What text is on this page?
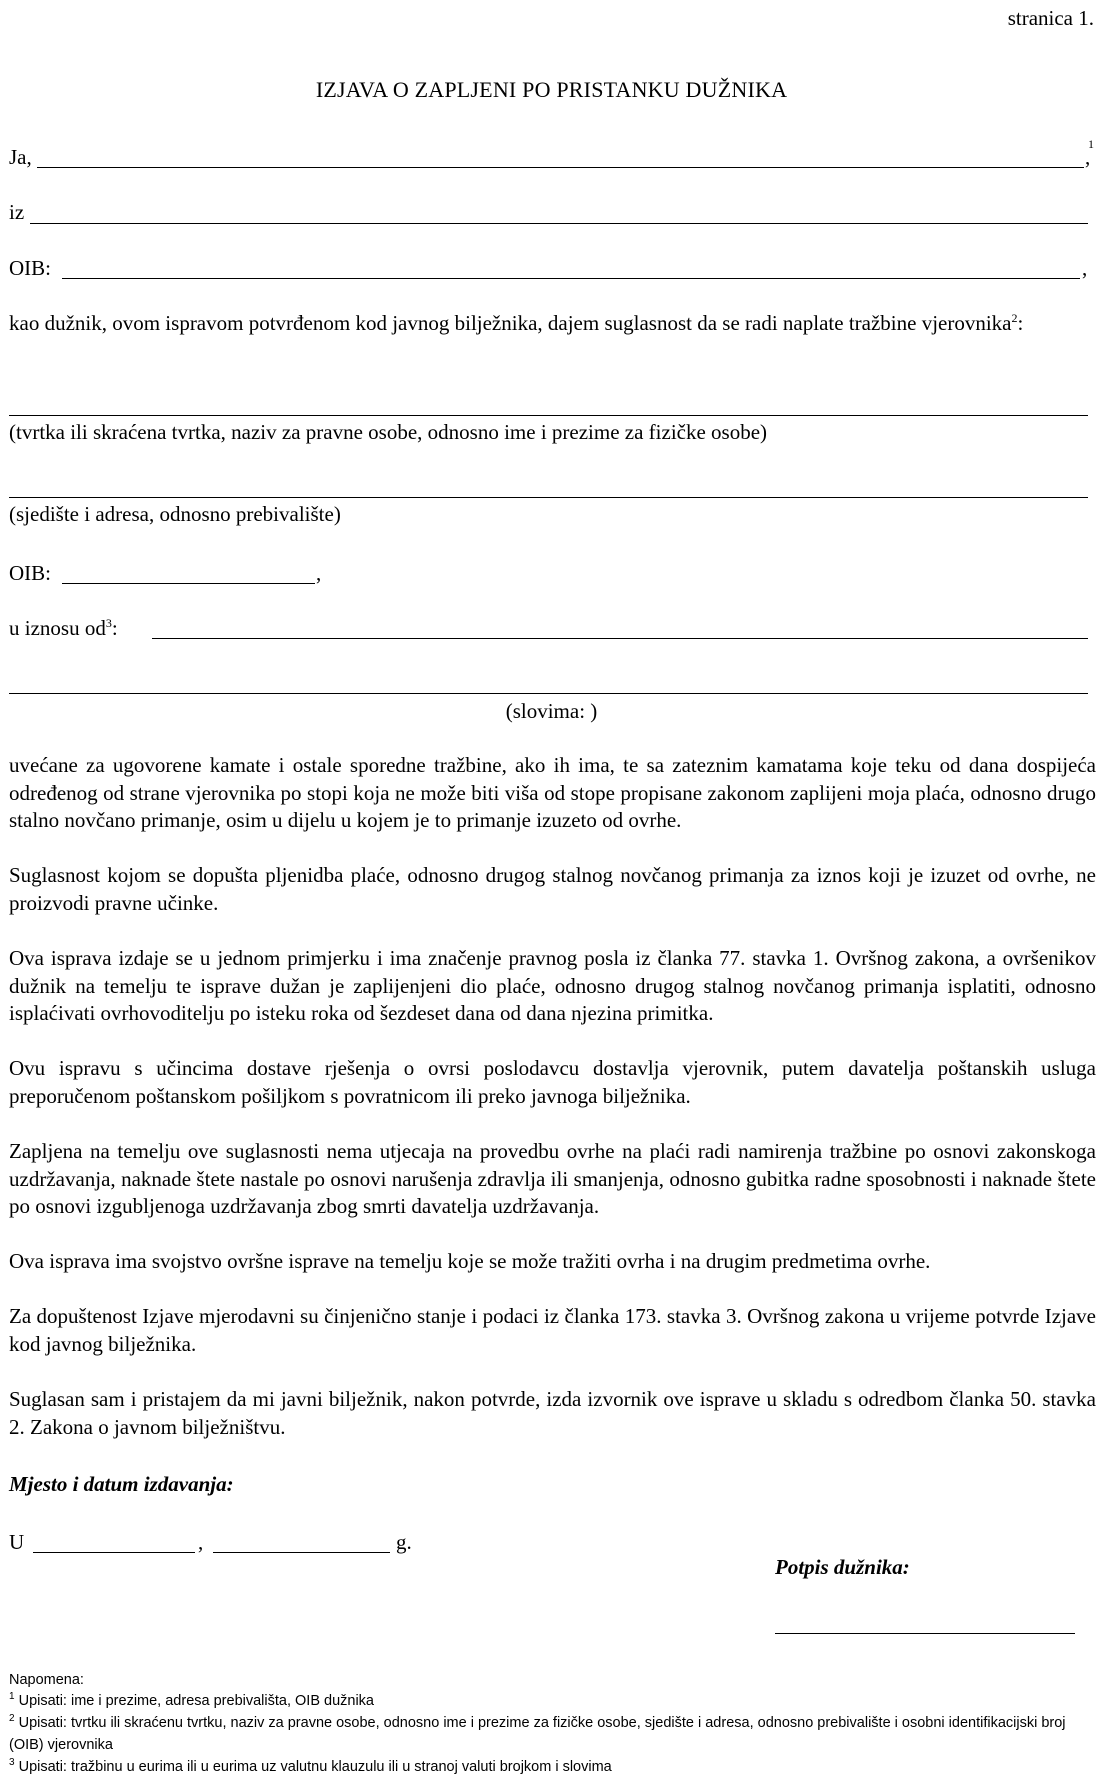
stranica 1.
IZJAVA O ZAPLJENI PO PRISTANKU DUŽNIKA
Ja,	,
1
iz
OIB:	,
kao dužnik, ovom ispravom potvrđenom kod javnog bilježnika, dajem suglasnost da se radi naplate tražbine vjerovnika$^2$:
(tvrtka ili skraćena tvrtka, naziv za pravne osobe, odnosno ime i prezime za fizičke osobe)
(sjedište i adresa, odnosno prebivalište)
OIB:	,
u iznosu $od^3$:
(slovima: )
uvećane za ugovorene kamate i ostale sporedne tražbine, ako ih ima, te sa zateznim kamatama koje teku od dana dospijeća određenog od strane vjerovnika po stopi koja ne može biti viša od stope propisane zakonom zaplijeni moja plaća, odnosno drugo stalno novčano primanje, osim u dijelu u kojem je to primanje izuzeto od ovrhe.
Suglasnost kojom se dopušta pljenidba plaće, odnosno drugog stalnog novčanog primanja za iznos koji je izuzet od ovrhe, ne proizvodi pravne učinke.
Ova isprava izdaje se u jednom primjerku i ima značenje pravnog posla iz članka 77. stavka 1. Ovršnog zakona, a ovršenikov dužnik na temelju te isprave dužan je zaplijenjeni dio plaće, odnosno drugog stalnog novčanog primanja isplatiti, odnosno isplaćivati ovrhovoditelju po isteku roka od šezdeset dana od dana njezina primitka.
Ovu ispravu s učincima dostave rješenja o ovrsi poslodavcu dostavlja vjerovnik, putem davatelja poštanskih usluga preporučenom poštanskom pošiljkom s povratnicom ili preko javnoga bilježnika.
Zapljena na temelju ove suglasnosti nema utjecaja na provedbu ovrhe na plaći radi namirenja tražbine po osnovi zakonskoga uzdržavanja, naknade štete nastale po osnovi narušenja zdravlja ili smanjenja, odnosno gubitka radne sposobnosti i naknade štete po osnovi izgubljenoga uzdržavanja zbog smrti davatelja uzdržavanja.
Ova isprava ima svojstvo ovršne isprave na temelju koje se može tražiti ovrha i na drugim predmetima ovrhe.
Za dopuštenost Izjave mjerodavni su činjenično stanje i podaci iz članka 173. stavka 3. Ovršnog zakona u vrijeme potvrde Izjave kod javnog bilježnika.
Suglasan sam i pristajem da mi javni bilježnik, nakon potvrde, izda izvornik ove isprave u skladu s odredbom članka 50. stavka 2. Zakona o javnom bilježništvu.
Mjesto i datum izdavanja:
U	,	g.
Potpis dužnika:
Napomena:
$^1$ Upisati: ime i prezime, adresa prebivališta, OIB dužnika
$^2$ Upisati: tvrtku ili skraćenu tvrtku, naziv za pravne osobe, odnosno ime i prezime za fizičke osobe, sjedište i adresa, odnosno prebivalište i osobni identifikacijski broj (OIB) vjerovnika
$^3$ Upisati: tražbinu u eurima ili u eurima uz valutnu klauzulu ili u stranoj valuti brojkom i slovima
